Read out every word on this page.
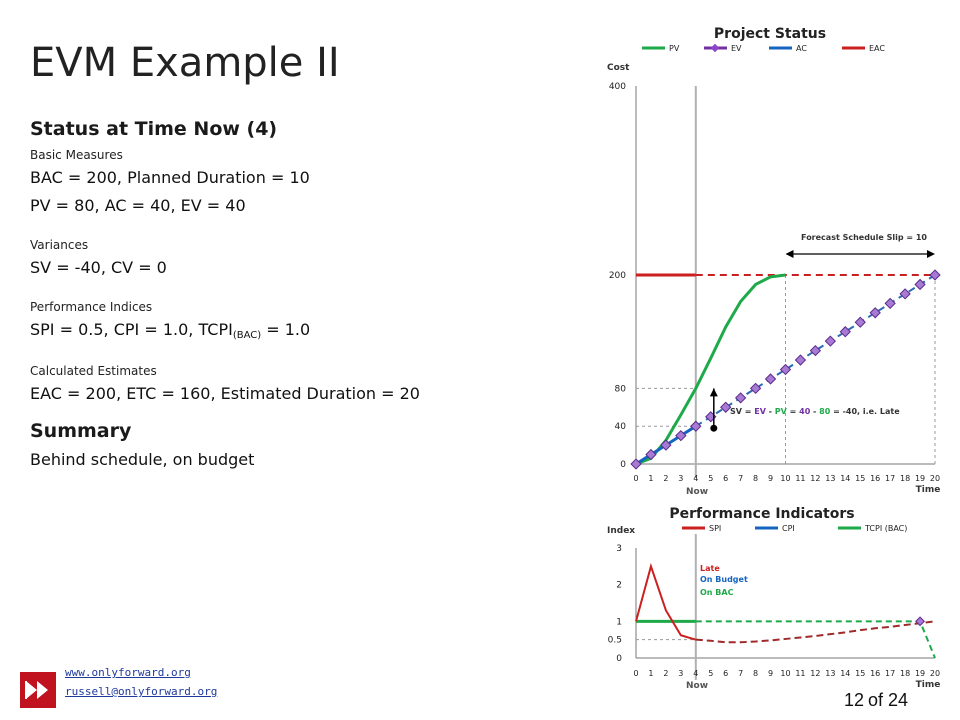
EVM Example II
Status at Time Now (4)
Basic Measures
BAC = 200, Planned Duration = 10
PV = 80, AC = 40, EV = 40
Variances
SV = -40, CV = 0
Performance Indices
SPI = 0.5, CPI = 1.0, $TCPI_{(BAC)} = 1.0$
Calculated Estimates
EAC = 200, ETC = 160, Estimated Duration = 20
Summary
Behind schedule, on budget
www.onlyforward.org
russell@onlyforward.org	12 of 24
Project Status
Cost
Time
Now
PV	EV	AC	EAC
0 1 2 3 4 5 6 7 8 9 10 11 12 13 14 15 16 17 18 19 20
0
40
80
200
400
Forecast Schedule Slip = 10
SV = EV - PV = 40 - 80 = -40, i.e. Late
Performance Indicators
Index
Time
Now
SPI	CPI	TCPI (BAC)
0 1 2 3 4 5 6 7 8 9 10 11 12 13 14 15 16 17 18 19 20
0
0.5
1
2
3
Late
On Budget
On BAC
